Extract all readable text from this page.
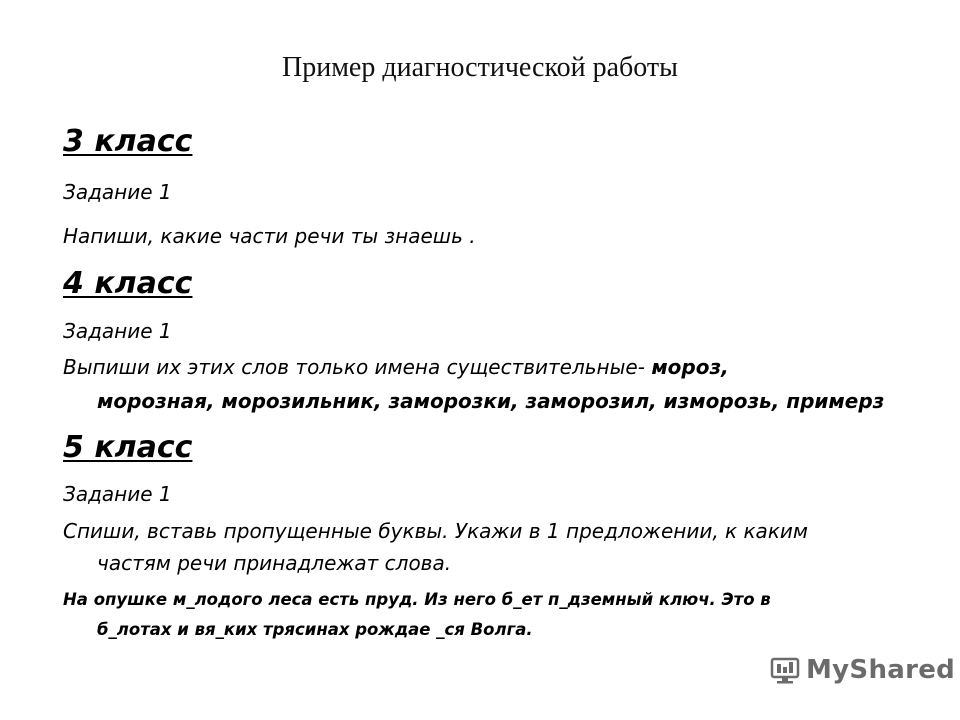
Пример диагностической работы
3 класс
Задание 1
Напиши, какие части речи ты знаешь .
4 класс
Задание 1
Выпиши их этих слов только имена существительные- мороз,
морозная, морозильник, заморозки, заморозил, изморозь, примерз
5 класс
Задание 1
Спиши, вставь пропущенные буквы. Укажи в 1 предложении, к каким
частям речи принадлежат слова.
На опушке м_лодого леса есть пруд. Из него б_ет п_дземный ключ. Это в
б_лотах и вя_ких трясинах рождае _ся Волга.
MyShared
